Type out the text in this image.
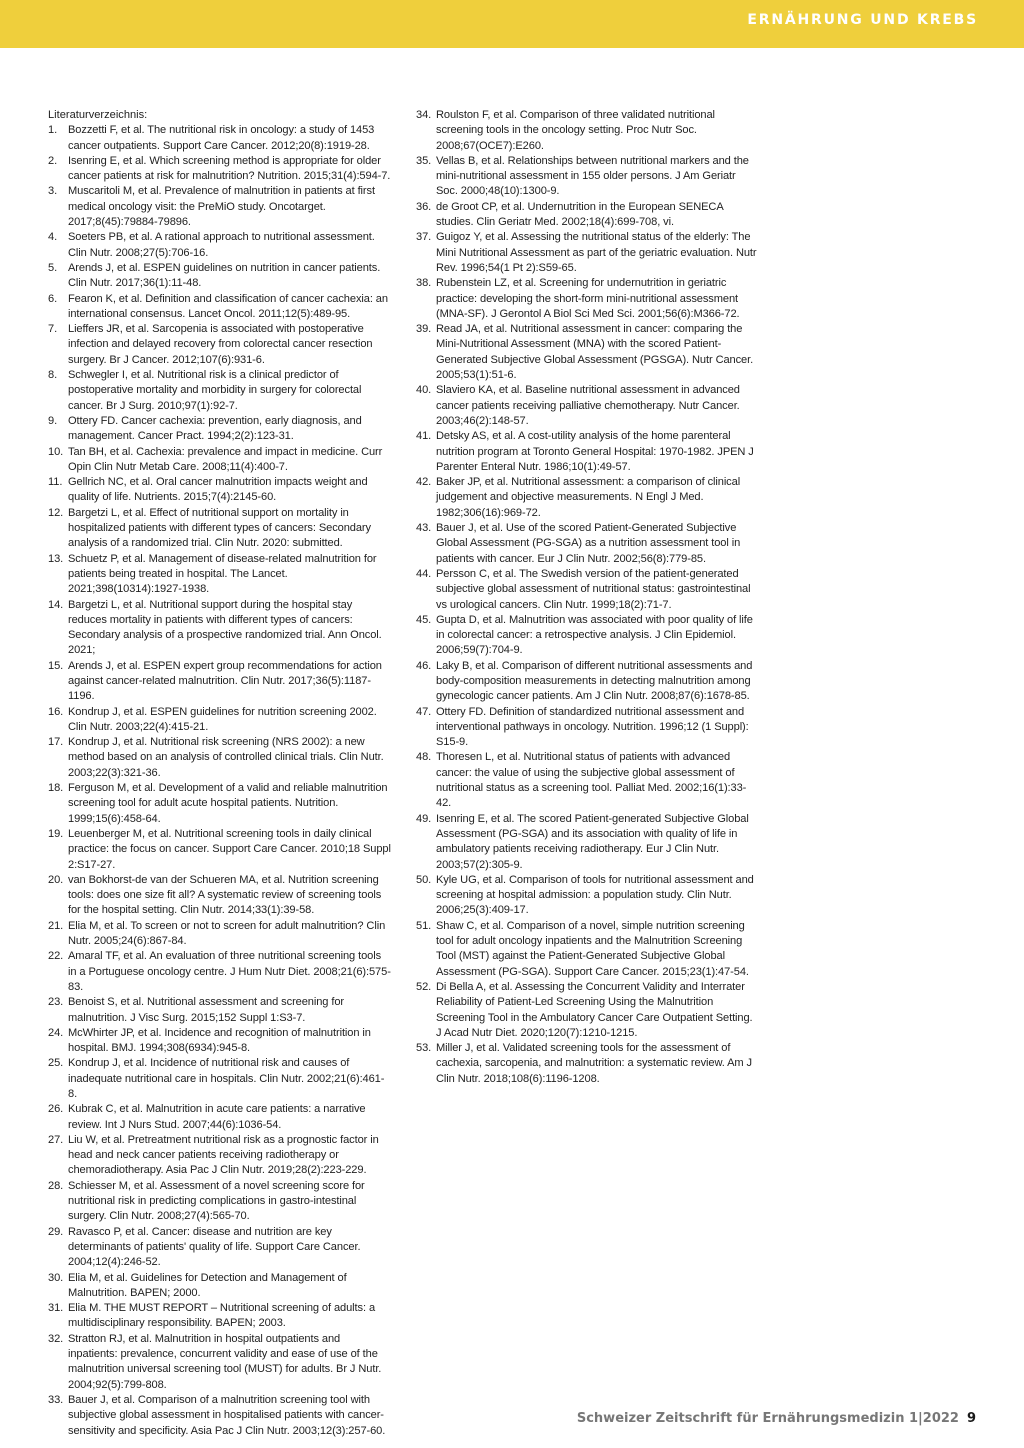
ERNÄHRUNG UND KREBS
Literaturverzeichnis:
1. Bozzetti F, et al. The nutritional risk in oncology: a study of 1453 cancer outpatients. Support Care Cancer. 2012;20(8):1919-28.
2. Isenring E, et al. Which screening method is appropriate for older cancer patients at risk for malnutrition? Nutrition. 2015;31(4):594-7.
3. Muscaritoli M, et al. Prevalence of malnutrition in patients at first medical oncology visit: the PreMiO study. Oncotarget. 2017;8(45):79884-79896.
4. Soeters PB, et al. A rational approach to nutritional assessment. Clin Nutr. 2008;27(5):706-16.
5. Arends J, et al. ESPEN guidelines on nutrition in cancer patients. Clin Nutr. 2017;36(1):11-48.
6. Fearon K, et al. Definition and classification of cancer cachexia: an international consensus. Lancet Oncol. 2011;12(5):489-95.
7. Lieffers JR, et al. Sarcopenia is associated with postoperative infection and delayed recovery from colorectal cancer resection surgery. Br J Cancer. 2012;107(6):931-6.
8. Schwegler I, et al. Nutritional risk is a clinical predictor of postoperative mortality and morbidity in surgery for colorectal cancer. Br J Surg. 2010;97(1):92-7.
9. Ottery FD. Cancer cachexia: prevention, early diagnosis, and management. Cancer Pract. 1994;2(2):123-31.
10. Tan BH, et al. Cachexia: prevalence and impact in medicine. Curr Opin Clin Nutr Metab Care. 2008;11(4):400-7.
11. Gellrich NC, et al. Oral cancer malnutrition impacts weight and quality of life. Nutrients. 2015;7(4):2145-60.
12. Bargetzi L, et al. Effect of nutritional support on mortality in hospitalized patients with different types of cancers: Secondary analysis of a randomized trial. Clin Nutr. 2020: submitted.
13. Schuetz P, et al. Management of disease-related malnutrition for patients being treated in hospital. The Lancet. 2021;398(10314):1927-1938.
14. Bargetzi L, et al. Nutritional support during the hospital stay reduces mortality in patients with different types of cancers: Secondary analysis of a prospective randomized trial. Ann Oncol. 2021;
15. Arends J, et al. ESPEN expert group recommendations for action against cancer-related malnutrition. Clin Nutr. 2017;36(5):1187-1196.
16. Kondrup J, et al. ESPEN guidelines for nutrition screening 2002. Clin Nutr. 2003;22(4):415-21.
17. Kondrup J, et al. Nutritional risk screening (NRS 2002): a new method based on an analysis of controlled clinical trials. Clin Nutr. 2003;22(3):321-36.
18. Ferguson M, et al. Development of a valid and reliable malnutrition screening tool for adult acute hospital patients. Nutrition. 1999;15(6):458-64.
19. Leuenberger M, et al. Nutritional screening tools in daily clinical practice: the focus on cancer. Support Care Cancer. 2010;18 Suppl 2:S17-27.
20. van Bokhorst-de van der Schueren MA, et al. Nutrition screening tools: does one size fit all? A systematic review of screening tools for the hospital setting. Clin Nutr. 2014;33(1):39-58.
21. Elia M, et al. To screen or not to screen for adult malnutrition? Clin Nutr. 2005;24(6):867-84.
22. Amaral TF, et al. An evaluation of three nutritional screening tools in a Portuguese oncology centre. J Hum Nutr Diet. 2008;21(6):575-83.
23. Benoist S, et al. Nutritional assessment and screening for malnutrition. J Visc Surg. 2015;152 Suppl 1:S3-7.
24. McWhirter JP, et al. Incidence and recognition of malnutrition in hospital. BMJ. 1994;308(6934):945-8.
25. Kondrup J, et al. Incidence of nutritional risk and causes of inadequate nutritional care in hospitals. Clin Nutr. 2002;21(6):461-8.
26. Kubrak C, et al. Malnutrition in acute care patients: a narrative review. Int J Nurs Stud. 2007;44(6):1036-54.
27. Liu W, et al. Pretreatment nutritional risk as a prognostic factor in head and neck cancer patients receiving radiotherapy or chemoradiotherapy. Asia Pac J Clin Nutr. 2019;28(2):223-229.
28. Schiesser M, et al. Assessment of a novel screening score for nutritional risk in predicting complications in gastro-intestinal surgery. Clin Nutr. 2008;27(4):565-70.
29. Ravasco P, et al. Cancer: disease and nutrition are key determinants of patients' quality of life. Support Care Cancer. 2004;12(4):246-52.
30. Elia M, et al. Guidelines for Detection and Management of Malnutrition. BAPEN; 2000.
31. Elia M. THE MUST REPORT – Nutritional screening of adults: a multidisciplinary responsibility. BAPEN; 2003.
32. Stratton RJ, et al. Malnutrition in hospital outpatients and inpatients: prevalence, concurrent validity and ease of use of the malnutrition universal screening tool (MUST) for adults. Br J Nutr. 2004;92(5):799-808.
33. Bauer J, et al. Comparison of a malnutrition screening tool with subjective global assessment in hospitalised patients with cancer-sensitivity and specificity. Asia Pac J Clin Nutr. 2003;12(3):257-60.
34. Roulston F, et al. Comparison of three validated nutritional screening tools in the oncology setting. Proc Nutr Soc. 2008;67(OCE7):E260.
35. Vellas B, et al. Relationships between nutritional markers and the mini-nutritional assessment in 155 older persons. J Am Geriatr Soc. 2000;48(10):1300-9.
36. de Groot CP, et al. Undernutrition in the European SENECA studies. Clin Geriatr Med. 2002;18(4):699-708, vi.
37. Guigoz Y, et al. Assessing the nutritional status of the elderly: The Mini Nutritional Assessment as part of the geriatric evaluation. Nutr Rev. 1996;54(1 Pt 2):S59-65.
38. Rubenstein LZ, et al. Screening for undernutrition in geriatric practice: developing the short-form mini-nutritional assessment (MNA-SF). J Gerontol A Biol Sci Med Sci. 2001;56(6):M366-72.
39. Read JA, et al. Nutritional assessment in cancer: comparing the Mini-Nutritional Assessment (MNA) with the scored Patient-Generated Subjective Global Assessment (PGSGA). Nutr Cancer. 2005;53(1):51-6.
40. Slaviero KA, et al. Baseline nutritional assessment in advanced cancer patients receiving palliative chemotherapy. Nutr Cancer. 2003;46(2):148-57.
41. Detsky AS, et al. A cost-utility analysis of the home parenteral nutrition program at Toronto General Hospital: 1970-1982. JPEN J Parenter Enteral Nutr. 1986;10(1):49-57.
42. Baker JP, et al. Nutritional assessment: a comparison of clinical judgement and objective measurements. N Engl J Med. 1982;306(16):969-72.
43. Bauer J, et al. Use of the scored Patient-Generated Subjective Global Assessment (PG-SGA) as a nutrition assessment tool in patients with cancer. Eur J Clin Nutr. 2002;56(8):779-85.
44. Persson C, et al. The Swedish version of the patient-generated subjective global assessment of nutritional status: gastrointestinal vs urological cancers. Clin Nutr. 1999;18(2):71-7.
45. Gupta D, et al. Malnutrition was associated with poor quality of life in colorectal cancer: a retrospective analysis. J Clin Epidemiol. 2006;59(7):704-9.
46. Laky B, et al. Comparison of different nutritional assessments and body-composition measurements in detecting malnutrition among gynecologic cancer patients. Am J Clin Nutr. 2008;87(6):1678-85.
47. Ottery FD. Definition of standardized nutritional assessment and interventional pathways in oncology. Nutrition. 1996;12 (1 Suppl): S15-9.
48. Thoresen L, et al. Nutritional status of patients with advanced cancer: the value of using the subjective global assessment of nutritional status as a screening tool. Palliat Med. 2002;16(1):33-42.
49. Isenring E, et al. The scored Patient-generated Subjective Global Assessment (PG-SGA) and its association with quality of life in ambulatory patients receiving radiotherapy. Eur J Clin Nutr. 2003;57(2):305-9.
50. Kyle UG, et al. Comparison of tools for nutritional assessment and screening at hospital admission: a population study. Clin Nutr. 2006;25(3):409-17.
51. Shaw C, et al. Comparison of a novel, simple nutrition screening tool for adult oncology inpatients and the Malnutrition Screening Tool (MST) against the Patient-Generated Subjective Global Assessment (PG-SGA). Support Care Cancer. 2015;23(1):47-54.
52. Di Bella A, et al. Assessing the Concurrent Validity and Interrater Reliability of Patient-Led Screening Using the Malnutrition Screening Tool in the Ambulatory Cancer Care Outpatient Setting. J Acad Nutr Diet. 2020;120(7):1210-1215.
53. Miller J, et al. Validated screening tools for the assessment of cachexia, sarcopenia, and malnutrition: a systematic review. Am J Clin Nutr. 2018;108(6):1196-1208.
Schweizer Zeitschrift für Ernährungsmedizin 1|2022 9
